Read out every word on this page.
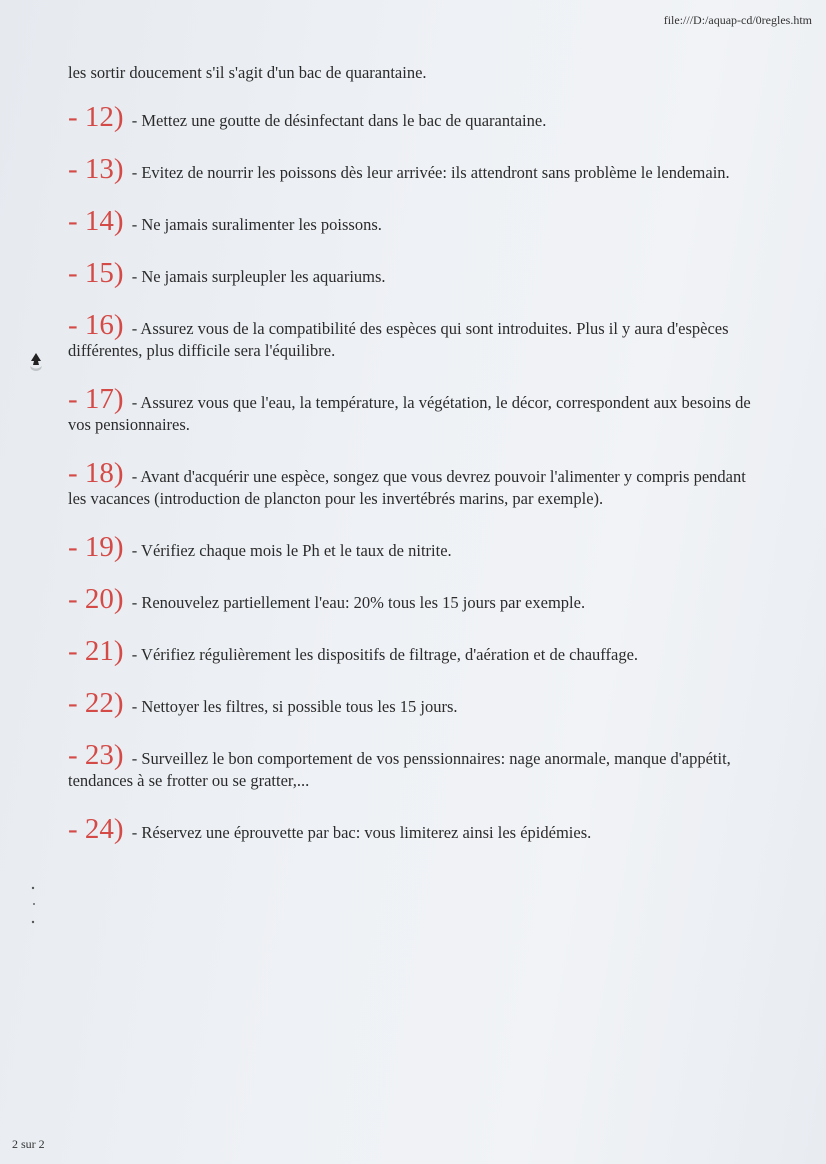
file:///D:/aquap-cd/0regles.htm

les sortir doucement s'il s'agit d'un bac de quarantaine.

- 12) - Mettez une goutte de désinfectant dans le bac de quarantaine.
- 13) - Evitez de nourrir les poissons dès leur arrivée: ils attendront sans problème le lendemain.
- 14) - Ne jamais suralimenter les poissons.
- 15) - Ne jamais surpleupler les aquariums.
- 16) - Assurez vous de la compatibilité des espèces qui sont introduites. Plus il y aura d'espèces différentes, plus difficile sera l'équilibre.
- 17) - Assurez vous que l'eau, la température, la végétation, le décor, correspondent aux besoins de vos pensionnaires.
- 18) - Avant d'acquérir une espèce, songez que vous devrez pouvoir l'alimenter y compris pendant les vacances (introduction de plancton pour les invertébrés marins, par exemple).
- 19) - Vérifiez chaque mois le Ph et le taux de nitrite.
- 20) - Renouvelez partiellement l'eau: 20% tous les 15 jours par exemple.
- 21) - Vérifiez régulièrement les dispositifs de filtrage, d'aération et de chauffage.
- 22) - Nettoyer les filtres, si possible tous les 15 jours.
- 23) - Surveillez le bon comportement de vos penssionnaires: nage anormale, manque d'appétit, tendances à se frotter ou se gratter,...
- 24) - Réservez une éprouvette par bac: vous limiterez ainsi les épidémies.
2 sur 2
